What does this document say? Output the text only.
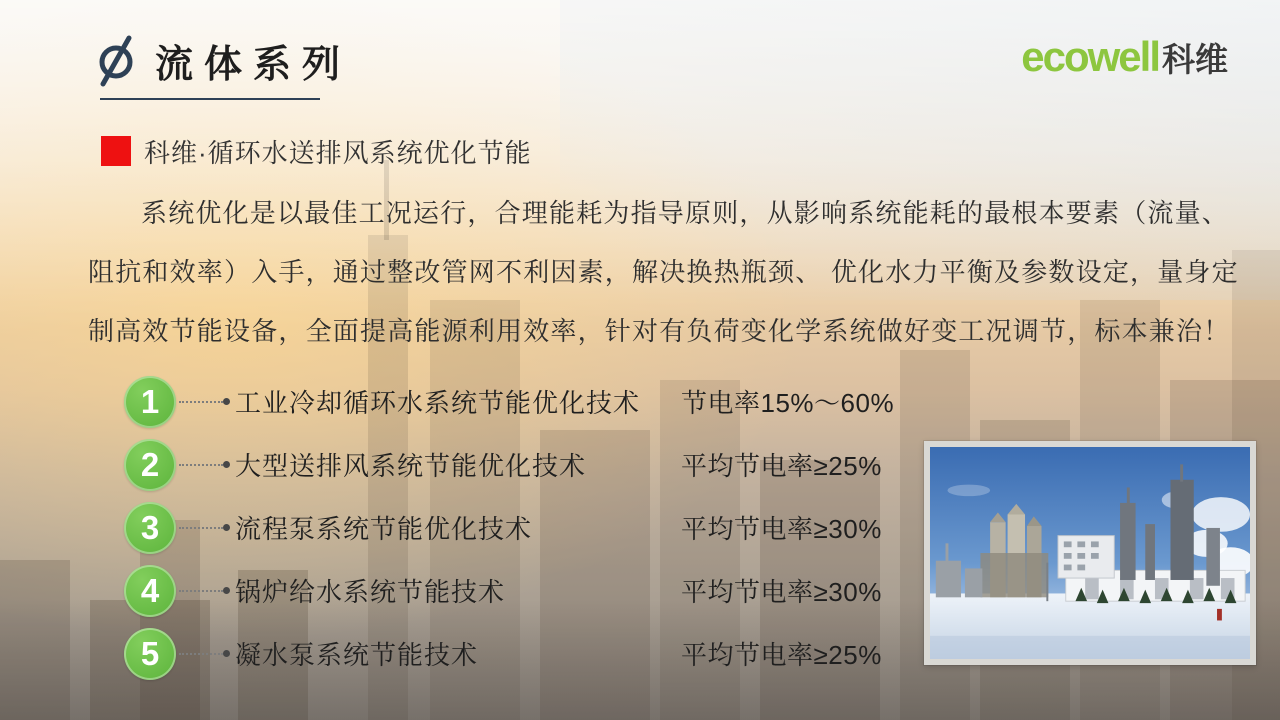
流体系列	ecowell 科维
科维·循环水送排风系统优化节能
系统优化是以最佳工况运行，合理能耗为指导原则，从影响系统能耗的最根本要素（流量、
阻抗和效率）入手，通过整改管网不利因素，解决换热瓶颈、 优化水力平衡及参数设定，量身定
制高效节能设备，全面提高能源利用效率，针对有负荷变化学系统做好变工况调节，标本兼治！
1	工业冷却循环水系统节能优化技术	节电率15%～60%
2	大型送排风系统节能优化技术	平均节电率≥25%
3	流程泵系统节能优化技术	平均节电率≥30%
4	锅炉给水系统节能技术	平均节电率≥30%
5	凝水泵系统节能技术	平均节电率≥25%
